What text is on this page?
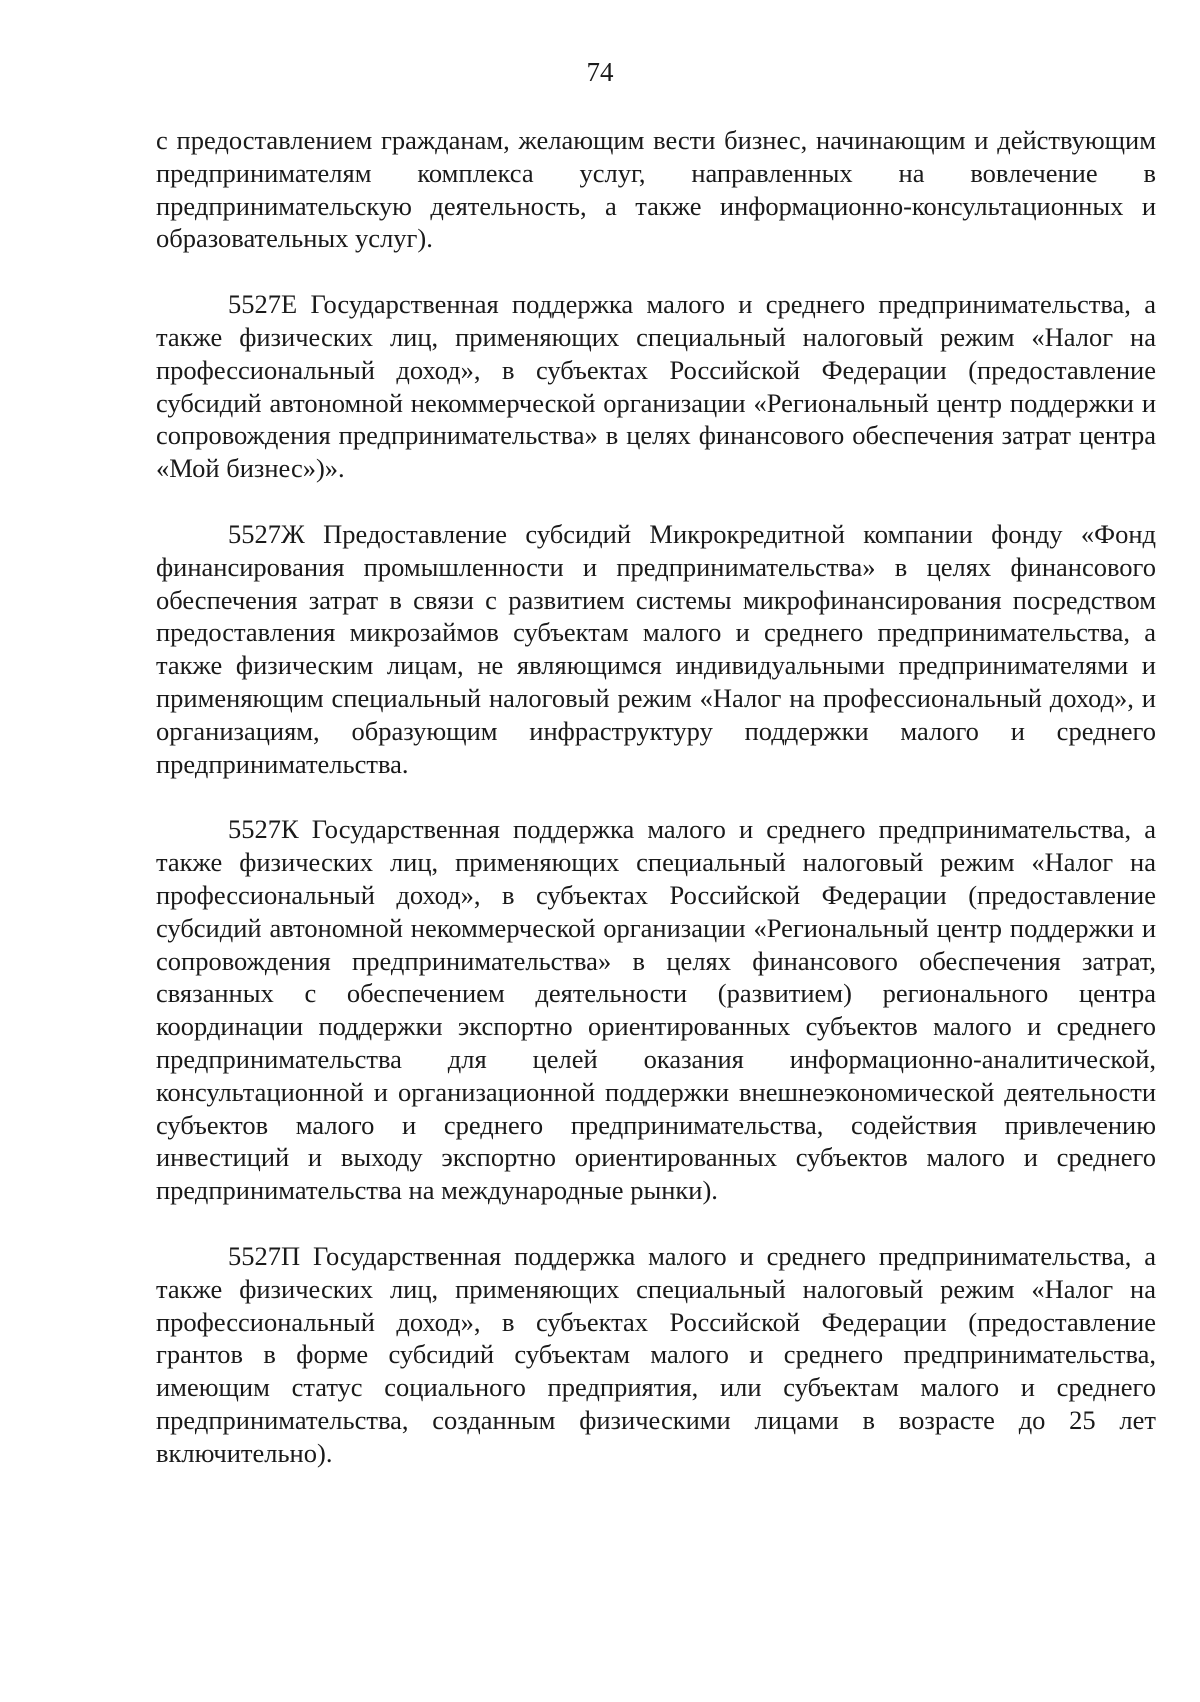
74

с предоставлением гражданам, желающим вести бизнес, начинающим и действующим предпринимателям комплекса услуг, направленных на вовлечение в предпринимательскую деятельность, а также информационно-консультационных и образовательных услуг).

5527Е Государственная поддержка малого и среднего предпринимательства, а также физических лиц, применяющих специальный налоговый режим «Налог на профессиональный доход», в субъектах Российской Федерации (предоставление субсидий автономной некоммерческой организации «Региональный центр поддержки и сопровождения предпринимательства» в целях финансового обеспечения затрат центра «Мой бизнес»)».

5527Ж Предоставление субсидий Микрокредитной компании фонду «Фонд финансирования промышленности и предпринимательства» в целях финансового обеспечения затрат в связи с развитием системы микрофинансирования посредством предоставления микрозаймов субъектам малого и среднего предпринимательства, а также физическим лицам, не являющимся индивидуальными предпринимателями и применяющим специальный налоговый режим «Налог на профессиональный доход», и организациям, образующим инфраструктуру поддержки малого и среднего предпринимательства.

5527К Государственная поддержка малого и среднего предпринимательства, а также физических лиц, применяющих специальный налоговый режим «Налог на профессиональный доход», в субъектах Российской Федерации (предоставление субсидий автономной некоммерческой организации «Региональный центр поддержки и сопровождения предпринимательства» в целях финансового обеспечения затрат, связанных с обеспечением деятельности (развитием) регионального центра координации поддержки экспортно ориентированных субъектов малого и среднего предпринимательства для целей оказания информационно-аналитической, консультационной и организационной поддержки внешнеэкономической деятельности субъектов малого и среднего предпринимательства, содействия привлечению инвестиций и выходу экспортно ориентированных субъектов малого и среднего предпринимательства на международные рынки).

5527П Государственная поддержка малого и среднего предпринимательства, а также физических лиц, применяющих специальный налоговый режим «Налог на профессиональный доход», в субъектах Российской Федерации (предоставление грантов в форме субсидий субъектам малого и среднего предпринимательства, имеющим статус социального предприятия, или субъектам малого и среднего предпринимательства, созданным физическими лицами в возрасте до 25 лет включительно).
